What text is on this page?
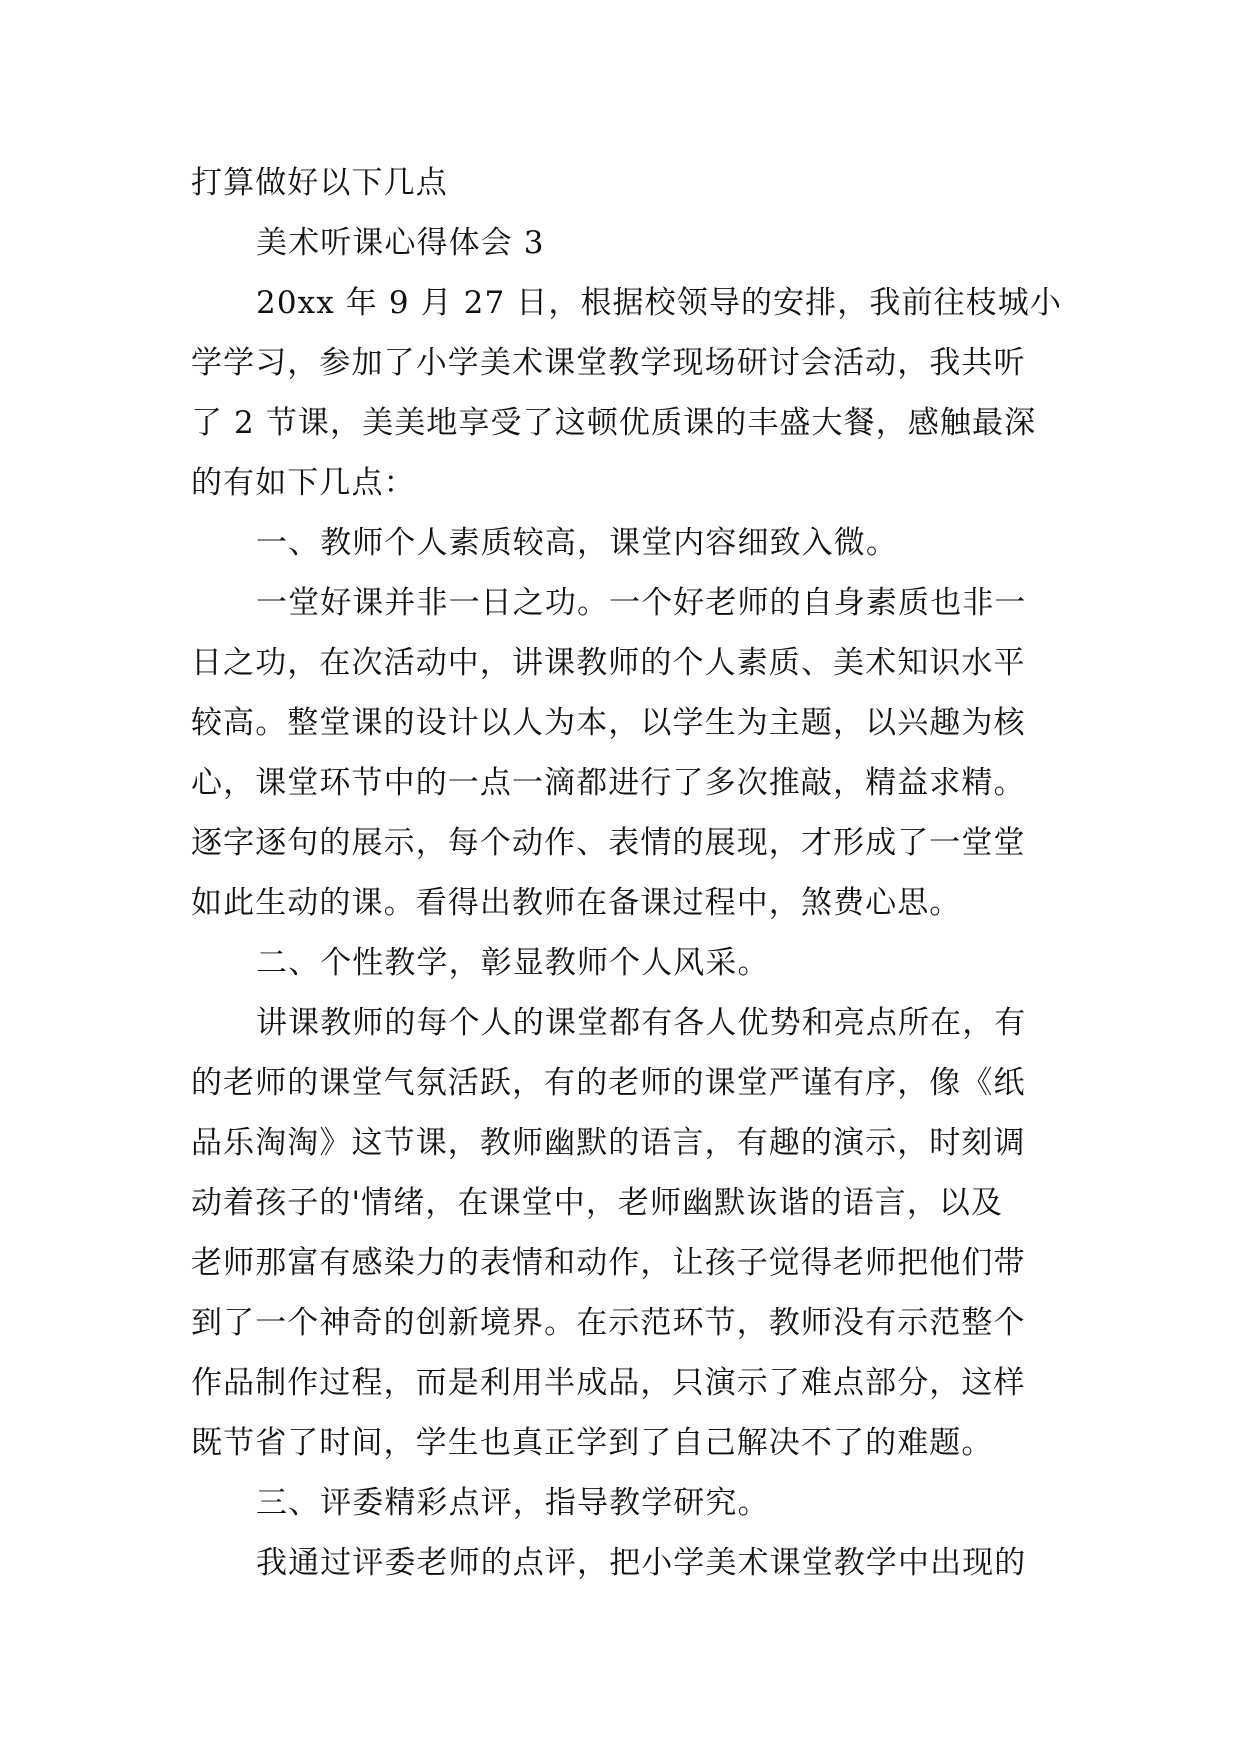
打算做好以下几点
美术听课心得体会 3
20xx 年 9 月 27 日，根据校领导的安排，我前往枝城小
学学习，参加了小学美术课堂教学现场研讨会活动，我共听
了 2 节课，美美地享受了这顿优质课的丰盛大餐，感触最深
的有如下几点：
一、教师个人素质较高，课堂内容细致入微。
一堂好课并非一日之功。一个好老师的自身素质也非一
日之功，在次活动中，讲课教师的个人素质、美术知识水平
较高。整堂课的设计以人为本，以学生为主题，以兴趣为核
心，课堂环节中的一点一滴都进行了多次推敲，精益求精。
逐字逐句的展示，每个动作、表情的展现，才形成了一堂堂
如此生动的课。看得出教师在备课过程中，煞费心思。
二、个性教学，彰显教师个人风采。
讲课教师的每个人的课堂都有各人优势和亮点所在，有
的老师的课堂气氛活跃，有的老师的课堂严谨有序，像《纸
品乐淘淘》这节课，教师幽默的语言，有趣的演示，时刻调
动着孩子的'情绪，在课堂中，老师幽默诙谐的语言，以及
老师那富有感染力的表情和动作，让孩子觉得老师把他们带
到了一个神奇的创新境界。在示范环节，教师没有示范整个
作品制作过程，而是利用半成品，只演示了难点部分，这样
既节省了时间，学生也真正学到了自己解决不了的难题。
三、评委精彩点评，指导教学研究。
我通过评委老师的点评，把小学美术课堂教学中出现的
